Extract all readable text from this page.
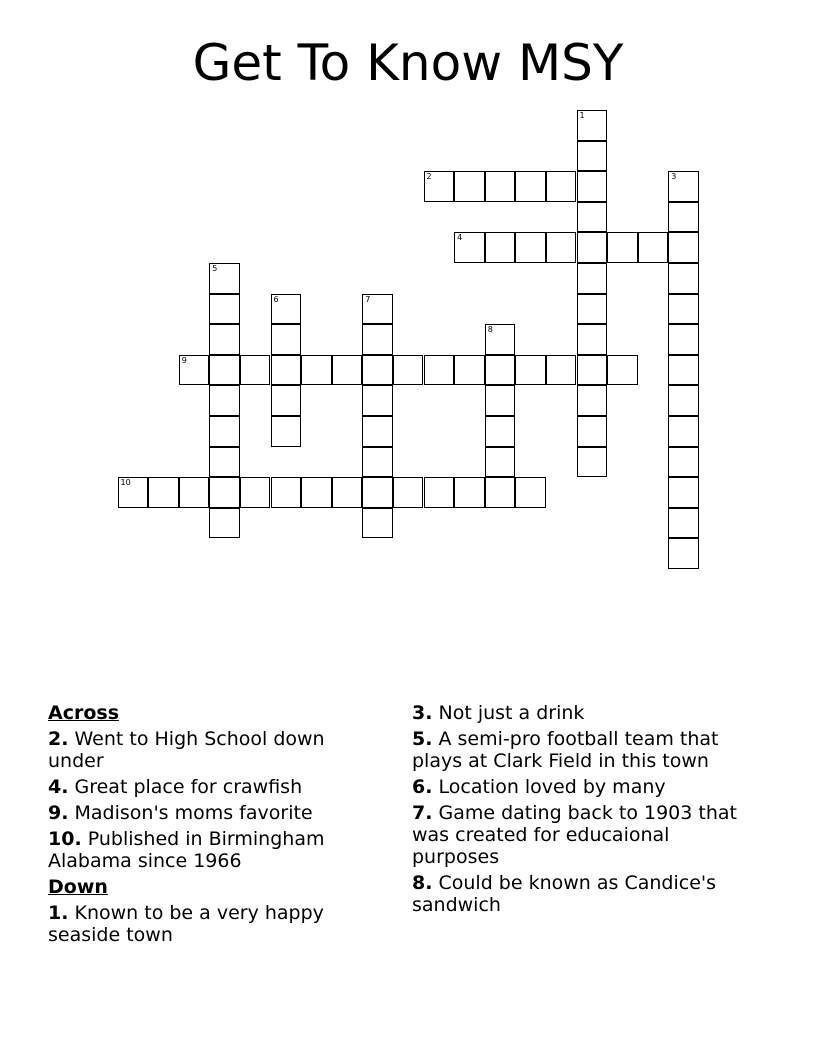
Get To Know MSY
1
2	3
4
5
6	7
8
9
10
Across
2. Went to High School down under
4. Great place for crawfish
9. Madison's moms favorite
10. Published in Birmingham Alabama since 1966
Down
1. Known to be a very happy seaside town
3. Not just a drink
5. A semi-pro football team that plays at Clark Field in this town
6. Location loved by many
7. Game dating back to 1903 that was created for educaional purposes
8. Could be known as Candice's sandwich
